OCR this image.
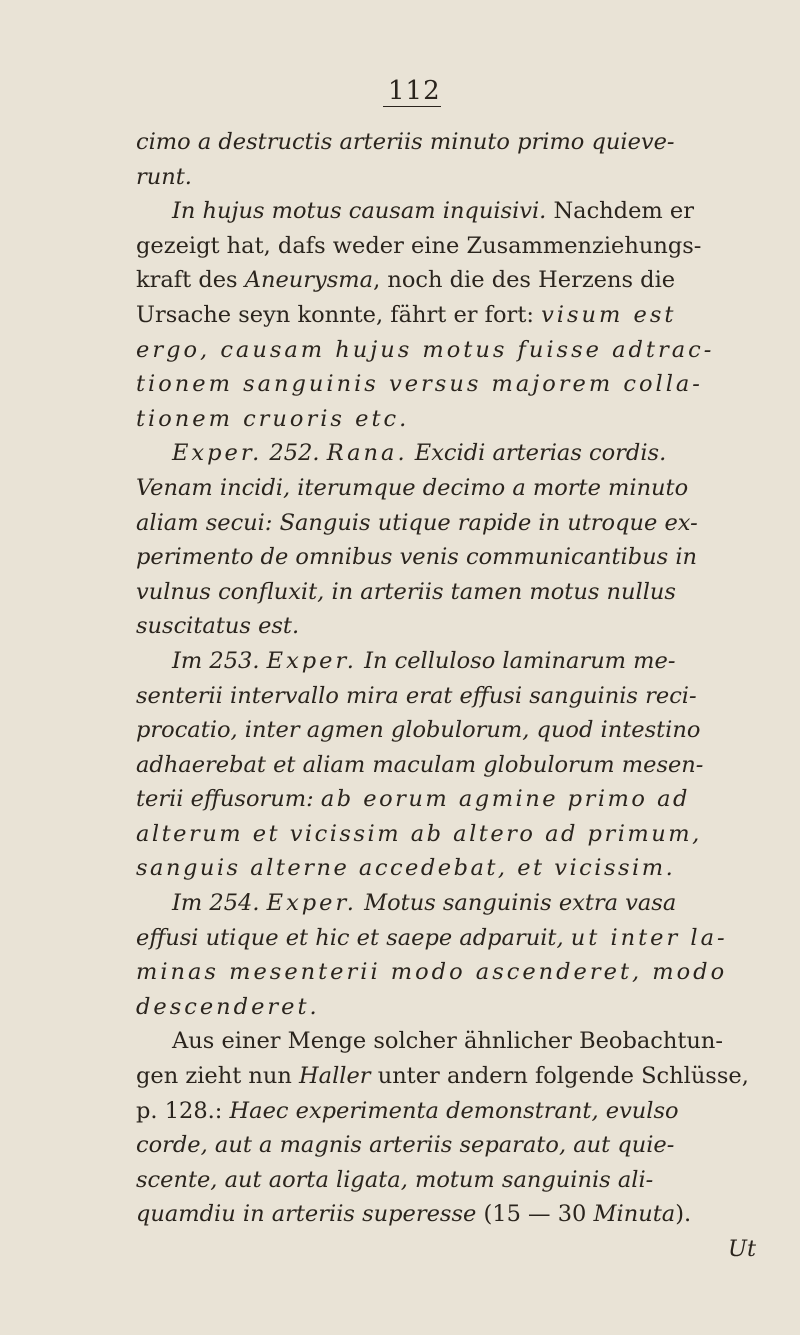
112
cimo a destructis arteriis minuto primo quieve-
runt.
In hujus motus causam inquisivi. Nachdem er
gezeigt hat, dafs weder eine Zusammenziehungs-
kraft des Aneurysma, noch die des Herzens die
Ursache seyn konnte, fährt er fort: visum est
ergo, causam hujus motus fuisse adtrac-
tionem sanguinis versus majorem colla-
tionem cruoris etc.
Exper. 252. Rana. Excidi arterias cordis.
Venam incidi, iterumque decimo a morte minuto
aliam secui: Sanguis utique rapide in utroque ex-
perimento de omnibus venis communicantibus in
vulnus confluxit, in arteriis tamen motus nullus
suscitatus est.
Im 253. Exper. In celluloso laminarum me-
senterii intervallo mira erat effusi sanguinis reci-
procatio, inter agmen globulorum, quod intestino
adhaerebat et aliam maculam globulorum mesen-
terii effusorum: ab eorum agmine primo ad
alterum et vicissim ab altero ad primum,
sanguis alterne accedebat, et vicissim.
Im 254. Exper. Motus sanguinis extra vasa
effusi utique et hic et saepe adparuit, ut inter la-
minas mesenterii modo ascenderet, modo
descenderet.
Aus einer Menge solcher ähnlicher Beobachtun-
gen zieht nun Haller unter andern folgende Schlüsse,
p. 128.: Haec experimenta demonstrant, evulso
corde, aut a magnis arteriis separato, aut quie-
scente, aut aorta ligata, motum sanguinis ali-
quamdiu in arteriis superesse (15 — 30 Minuta).
Ut
